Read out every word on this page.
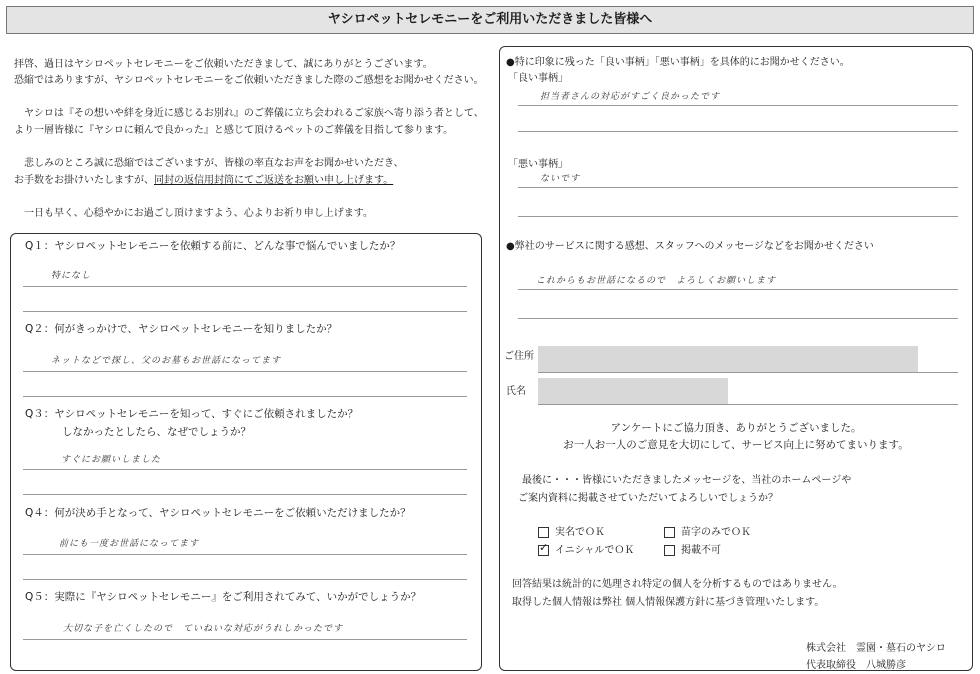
ヤシロペットセレモニーをご利用いただきました皆様へ
拝啓、過日はヤシロペットセレモニーをご依頼いただきまして、誠にありがとうございます。
恐縮ではありますが、ヤシロペットセレモニーをご依頼いただきました際のご感想をお聞かせください。
ヤシロは『その想いや絆を身近に感じるお別れ』のご葬儀に立ち会われるご家族へ寄り添う者として、
より一層皆様に『ヤシロに頼んで良かった』と感じて頂けるペットのご葬儀を目指して参ります。
悲しみのところ誠に恐縮ではございますが、皆様の率直なお声をお聞かせいただき、
お手数をお掛けいたしますが、同封の返信用封筒にてご返送をお願い申し上げます。
一日も早く、心穏やかにお過ごし頂けますよう、心よりお祈り申し上げます。
Q１：ヤシロペットセレモニーを依頼する前に、どんな事で悩んでいましたか？
特になし
Q２：何がきっかけで、ヤシロペットセレモニーを知りましたか？
ネットなどで探し、父のお墓もお世話になってます
Q３：ヤシロペットセレモニーを知って、すぐにご依頼されましたか？
しなかったとしたら、なぜでしょうか？
すぐにお願いしました
Q４：何が決め手となって、ヤシロペットセレモニーをご依頼いただけましたか？
前にも一度お世話になってます
Q５：実際に『ヤシロペットセレモニー』をご利用されてみて、いかがでしょうか？
大切な子を亡くしたので　ていねいな対応がうれしかったです
●特に印象に残った「良い事柄」「悪い事柄」を具体的にお聞かせください。
「良い事柄」
担当者さんの対応がすごく良かったです
「悪い事柄」
ないです
●弊社のサービスに関する感想、スタッフへのメッセージなどをお聞かせください
これからもお世話になるので　よろしくお願いします
ご住所
氏名
アンケートにご協力頂き、ありがとうございました。
お一人お一人のご意見を大切にして、サービス向上に努めてまいります。
最後に・・・皆様にいただきましたメッセージを、当社のホームページや
ご案内資料に掲載させていただいてよろしいでしょうか？
実名でＯＫ	苗字のみでＯＫ
✓イニシャルでＯＫ	掲載不可
回答結果は統計的に処理され特定の個人を分析するものではありません。
取得した個人情報は弊社 個人情報保護方針に基づき管理いたします。
株式会社　霊園・墓石のヤシロ
代表取締役　八城勝彦
